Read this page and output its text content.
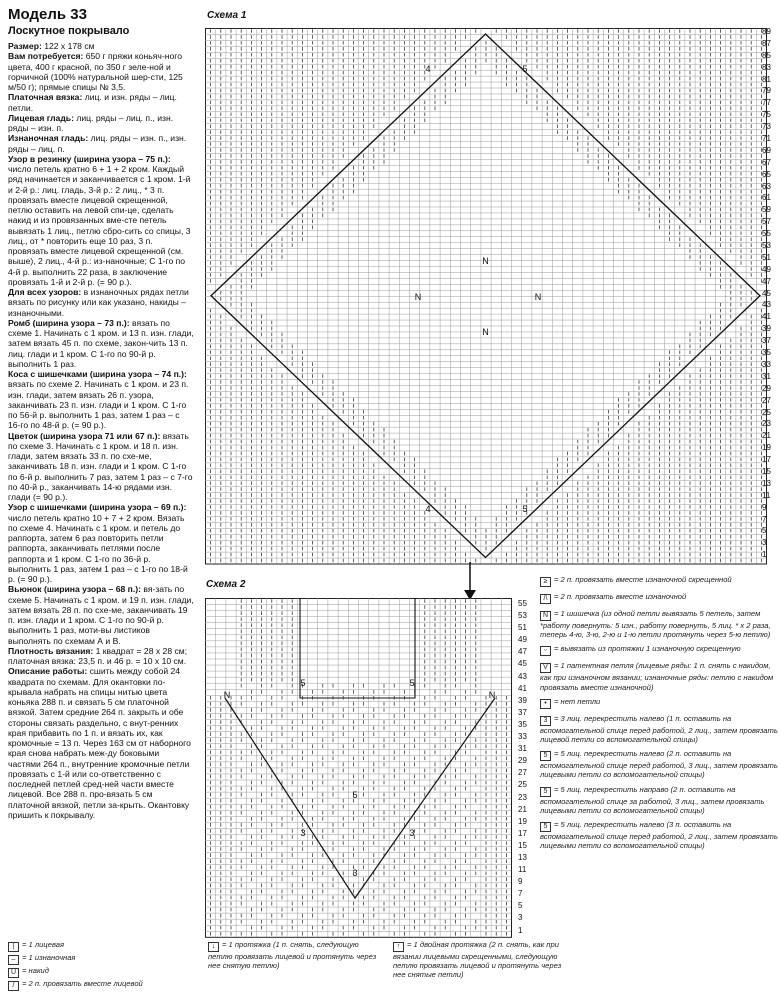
Модель 33
Лоскутное покрывало

Размер: 122 х 178 см

Вам потребуется: 650 г пряжи коньяч-ного цвета, 400 г красной, по 350 г зеле-ной и горчичной (100% натуральной шер-сти, 125 м/50 г); прямые спицы № 3,5.

Платочная вязка: лиц. и изн. ряды – лиц. петли.

Лицевая гладь: лиц. ряды – лиц. п., изн. ряды – изн. п.

Изнаночная гладь: лиц. ряды – изн. п., изн. ряды – лиц. п.

Узор в резинку (ширина узора – 75 п.): число петель кратно 6 + 1 + 2 кром. Каждый ряд начинается и заканчивается с 1 кром. 1-й и 2-й р.: лиц. гладь, 3-й р.: 2 лиц., * 3 п. провязать вместе лицевой скрещенной, петлю оставить на левой спи-це, сделать накид и из провязанных вме-сте петель вывязать 1 лиц., петлю сбро-сить со спицы, 3 лиц., от * повторить еще 10 раз, 3 п. провязать вместе лицевой скрещенной (см. выше), 2 лиц., 4-й р.: из-наночные; С 1-го по 4-й р. выполнить 22 раза, в заключение провязать 1-й и 2-й р. (= 90 р.).

Для всех узоров: в изнаночных рядах петли вязать по рисунку или как указано, накиды – изнаночными.

Ромб (ширина узора – 73 п.): вязать по схеме 1. Начинать с 1 кром. и 13 п. изн. глади, затем вязать 45 п. по схеме, закон-чить 13 п. лиц. глади и 1 кром. С 1-го по 90-й р. выполнить 1 раз.

Коса с шишечками (ширина узора – 74 п.): вязать по схеме 2. Начинать с 1 кром. и 23 п. изн. глади, затем вязать 26 п. узора, заканчивать 23 п. изн. глади и 1 кром. С 1-го по 56-й р. выполнить 1 раз, затем 1 раз – с 16-го по 48-й р. (= 90 р.).

Цветок (ширина узора 71 или 67 п.): вязать по схеме 3. Начинать с 1 кром. и 18 п. изн. глади, затем вязать 33 п. по схе-ме, заканчивать 18 п. изн. глади и 1 кром. С 1-го по 6-й р. выполнить 7 раз, затем 1 раз – с 7-го по 40-й р., заканчивать 14-ю рядами изн. глади (= 90 р.).

Узор с шишечками (ширина узора – 69 п.): число петель кратно 10 + 7 + 2 кром. Вязать по схеме 4. Начинать с 1 кром. и петель до раппорта, затем 6 раз повторить петли раппорта, заканчивать петлями после раппорта и 1 кром. С 1-го по 36-й р. выполнить 1 раз, затем 1 раз – с 1-го по 18-й р. (= 90 р.).

Вьюнок (ширина узора – 68 п.): вя-зать по схеме 5. Начинать с 1 кром. и 19 п. изн. глади, затем вязать 28 п. по схе-ме, заканчивать 19 п. изн. глади и 1 кром. С 1-го по 90-й р. выполнить 1 раз, моти-вы листиков выполнять по схемам А и В.

Плотность вязания: 1 квадрат = 28 х 28 см; платочная вязка: 23,5 п. и 46 р. = 10 х 10 см.

Описание работы: сшить между собой 24 квадрата по схемам. Для окантовки по-крывала набрать на спицы нитью цвета коньяка 288 п. и связать 5 см платочной вязкой. Затем средние 264 п. закрыть и обе стороны связать раздельно, с внут-ренних края прибавить по 1 п. и вязать их, как кромочные = 13 п. Через 163 см от наборного края снова набрать меж-ду боковыми частями 264 п., внутренние кромочные петли провязать с 1-й или со-ответственно с последней петлей сред-ней части вместе лицевой. Все 288 п. про-вязать 5 см платочной вязкой, петли за-крыть. Окантовку пришить к покрывалу.

Схема 1
N
N	N
N
4	5
4	5
89
87
85
83
81
79
77
75
73
71
69
67
65
63
61
59
57
55
53
51
49
47
45
43
41
39
37
35
33
31
29
27
25
23
21
19
17
15
13
11
9
7
5
3
1
Схема 2
N	N
5	5
3	3
3
5
55
53
51
49
47
45
43
41
39
37
35
33
31
29
27
25
23
21
19
17
15
13
11
9
7
5
3
1
≥ = 2 п. провязать вместе изнаночной скрещенной
/\ = 2 п. провязать вместе изнаночной
N = 1 шишечка (из одной петли вывязать 5 петель, затем *работу повернуть: 5 изн., работу повернуть, 5 лиц. * х 2 раза, теперь 4-ю, 3-ю, 2-ю и 1-ю петли протянуть через 5-ю петлю)
ᵕ = вывязать из протяжки 1 изнаночную скрещенную
V = 1 патентная петля (лицевые ряды: 1 п. снять с накидом, как при изнаночном вязании; изнаночные ряды: петлю с накидом провязать вместе изнаночной)
• = нет петли
3 = 3 лиц. перекрестить налево (1 п. оставить на вспомогательной спице перед работой, 2 лиц., затем провязать лицевой петли со вспомогательной спицы)
5 = 5 лиц. перекрестить налево (2 п. оставить на вспомогательной спице перед работой, 3 лиц., затем провязать лицевыми петли со вспомогательной спицы)
5 = 5 лиц. перекрестить направо (2 п. оставить на вспомогательной спице за работой, 3 лиц., затем провязать лицевыми петли со вспомогательной спицы)
5 = 5 лиц. перекрестить налево (3 п. оставить на вспомогательной спице перед работой, 2 лиц., затем провязать лицевыми петли со вспомогательной спицы)
| = 1 лицевая
– = 1 изнаночная
U = накид
/ = 2 п. провязать вместе лицевой
↓ = 1 протяжка (1 п. снять, следующую петлю провязать лицевой и протянуть через нее снятую петлю)
↑ = 1 двойная протяжка (2 п. снять, как при вязании лицевыми скрещенными, следующую петлю провязать лицевой и протянуть через нее снятые петли)
